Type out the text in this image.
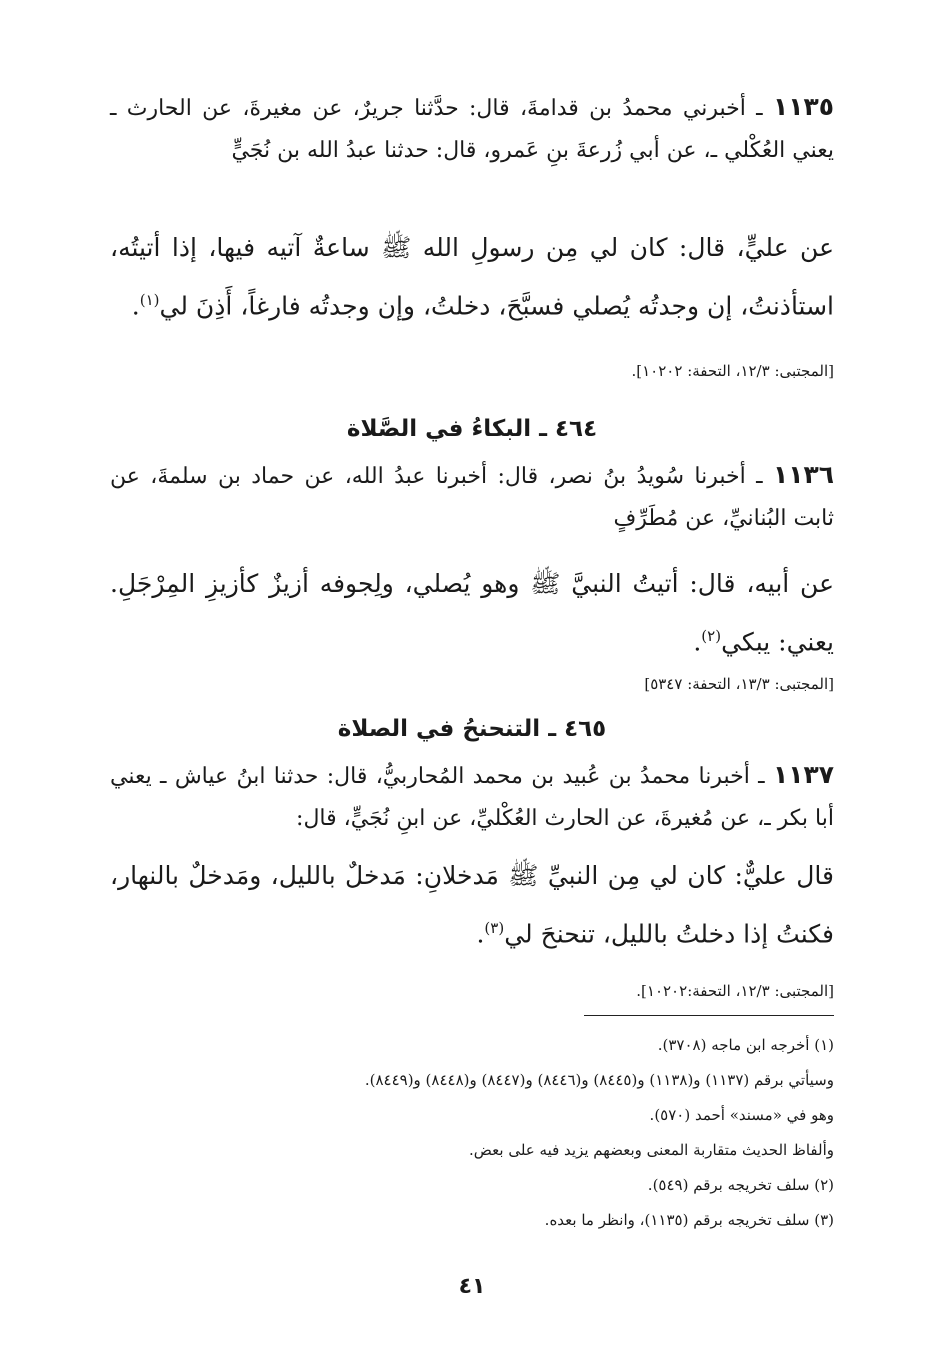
١١٣٥ ـ أخبرني محمدُ بن قدامةَ، قال: حدَّثنا جريرٌ، عن مغيرةَ، عن الحارث ـ يعني العُكْلي ـ، عن أبي زُرعةَ بنِ عَمرو، قال: حدثنا عبدُ الله بن نُجَيٍّ
عن عليٍّ، قال: كان لي مِن رسولِ الله ﷺ ساعةٌ آتيه فيها، إذا أتيتُه، استأذنتُ، إن وجدتُه يُصلي فسبَّحَ، دخلتُ، وإن وجدتُه فارغاً، أَذِنَ لي$^{(١)}$.
[المجتبى: ١٢/٣، التحفة: ١٠٢٠٢].
٤٦٤ ـ البكاءُ في الصَّلاة
١١٣٦ ـ أخبرنا سُويدُ بنُ نصر، قال: أخبرنا عبدُ الله، عن حماد بن سلمةَ، عن ثابت البُنانيِّ، عن مُطَرِّفٍ
عن أبيه، قال: أتيتُ النبيَّ ﷺ وهو يُصلي، ولِجوفه أزيزٌ كأزيزِ المِرْجَلِ. يعني: يبكي$^{(٢)}$.
[المجتبى: ١٣/٣، التحفة: ٥٣٤٧]
٤٦٥ ـ التنحنحُ في الصلاة
١١٣٧ ـ أخبرنا محمدُ بن عُبيد بن محمد المُحاربيُّ، قال: حدثنا ابنُ عياش ـ يعني أبا بكر ـ، عن مُغيرةَ، عن الحارث العُكْليِّ، عن ابنِ نُجَيٍّ، قال:
قال عليٌّ: كان لي مِن النبيِّ ﷺ مَدخلانِ: مَدخلٌ بالليل، ومَدخلٌ بالنهار، فكنتُ إذا دخلتُ بالليل، تنحنحَ لي$^{(٣)}$.
[المجتبى: ١٢/٣، التحفة:١٠٢٠٢].
(١) أخرجه ابن ماجه (٣٧٠٨).
وسيأتي برقم (١١٣٧) و(١١٣٨) و(٨٤٤٥) و(٨٤٤٦) و(٨٤٤٧) و(٨٤٤٨) و(٨٤٤٩).
وهو في «مسند» أحمد (٥٧٠).
وألفاظ الحديث متقاربة المعنى وبعضهم يزيد فيه على بعض.
(٢) سلف تخريجه برقم (٥٤٩).
(٣) سلف تخريجه برقم (١١٣٥)، وانظر ما بعده.
٤١
